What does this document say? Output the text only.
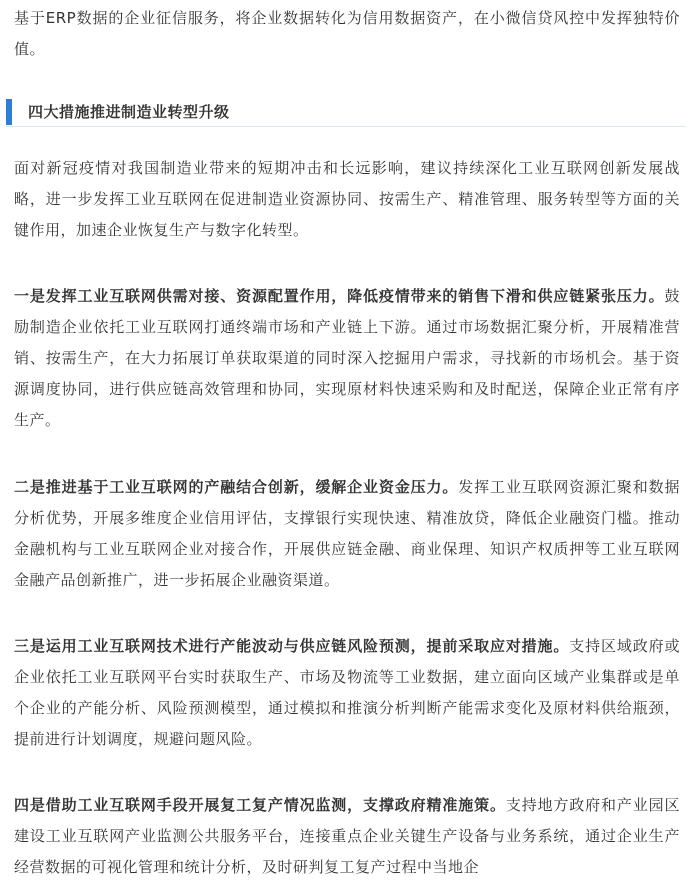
基于ERP数据的企业征信服务，将企业数据转化为信用数据资产，在小微信贷风控中发挥独特价值。

四大措施推进制造业转型升级

面对新冠疫情对我国制造业带来的短期冲击和长远影响，建议持续深化工业互联网创新发展战略，进一步发挥工业互联网在促进制造业资源协同、按需生产、精准管理、服务转型等方面的关键作用，加速企业恢复生产与数字化转型。

一是发挥工业互联网供需对接、资源配置作用，降低疫情带来的销售下滑和供应链紧张压力。鼓励制造企业依托工业互联网打通终端市场和产业链上下游。通过市场数据汇聚分析，开展精准营销、按需生产，在大力拓展订单获取渠道的同时深入挖掘用户需求，寻找新的市场机会。基于资源调度协同，进行供应链高效管理和协同，实现原材料快速采购和及时配送，保障企业正常有序生产。

二是推进基于工业互联网的产融结合创新，缓解企业资金压力。发挥工业互联网资源汇聚和数据分析优势，开展多维度企业信用评估，支撑银行实现快速、精准放贷，降低企业融资门槛。推动金融机构与工业互联网企业对接合作，开展供应链金融、商业保理、知识产权质押等工业互联网金融产品创新推广，进一步拓展企业融资渠道。

三是运用工业互联网技术进行产能波动与供应链风险预测，提前采取应对措施。支持区域政府或企业依托工业互联网平台实时获取生产、市场及物流等工业数据，建立面向区域产业集群或是单个企业的产能分析、风险预测模型，通过模拟和推演分析判断产能需求变化及原材料供给瓶颈，提前进行计划调度，规避问题风险。

四是借助工业互联网手段开展复工复产情况监测，支撑政府精准施策。支持地方政府和产业园区建设工业互联网产业监测公共服务平台，连接重点企业关键生产设备与业务系统，通过企业生产经营数据的可视化管理和统计分析，及时研判复工复产过程中当地企
